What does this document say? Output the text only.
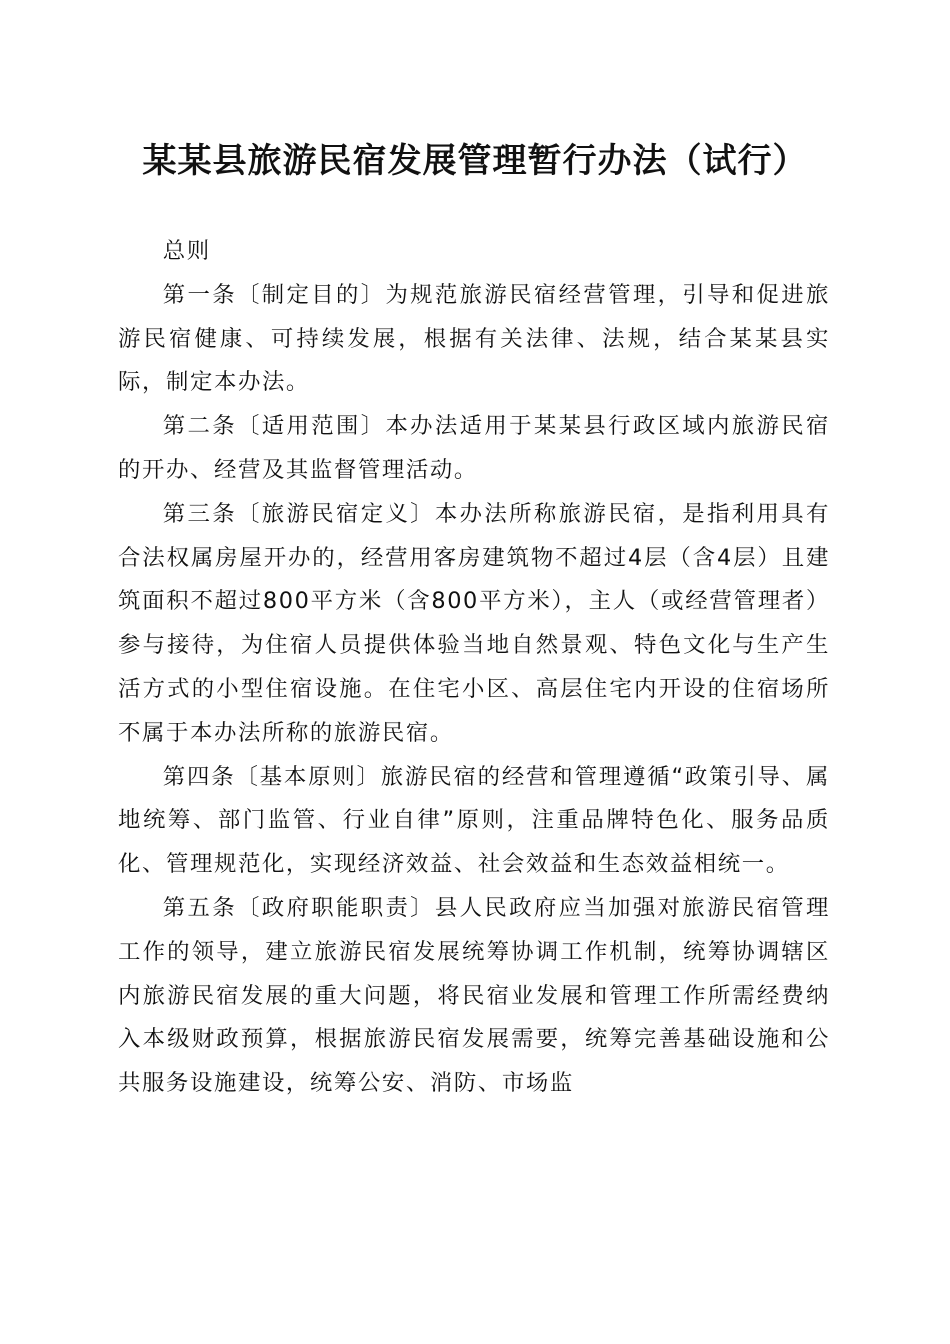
某某县旅游民宿发展管理暂行办法（试行）

总则

第一条〔制定目的〕为规范旅游民宿经营管理，引导和促进旅游民宿健康、可持续发展，根据有关法律、法规，结合某某县实际，制定本办法。

第二条〔适用范围〕本办法适用于某某县行政区域内旅游民宿的开办、经营及其监督管理活动。

第三条〔旅游民宿定义〕本办法所称旅游民宿，是指利用具有合法权属房屋开办的，经营用客房建筑物不超过4层（含4层）且建筑面积不超过800平方米（含800平方米），主人（或经营管理者）参与接待，为住宿人员提供体验当地自然景观、特色文化与生产生活方式的小型住宿设施。在住宅小区、高层住宅内开设的住宿场所不属于本办法所称的旅游民宿。

第四条〔基本原则〕旅游民宿的经营和管理遵循“政策引导、属地统筹、部门监管、行业自律”原则，注重品牌特色化、服务品质化、管理规范化，实现经济效益、社会效益和生态效益相统一。

第五条〔政府职能职责〕县人民政府应当加强对旅游民宿管理工作的领导，建立旅游民宿发展统筹协调工作机制，统筹协调辖区内旅游民宿发展的重大问题，将民宿业发展和管理工作所需经费纳入本级财政预算，根据旅游民宿发展需要，统筹完善基础设施和公共服务设施建设，统筹公安、消防、市场监
